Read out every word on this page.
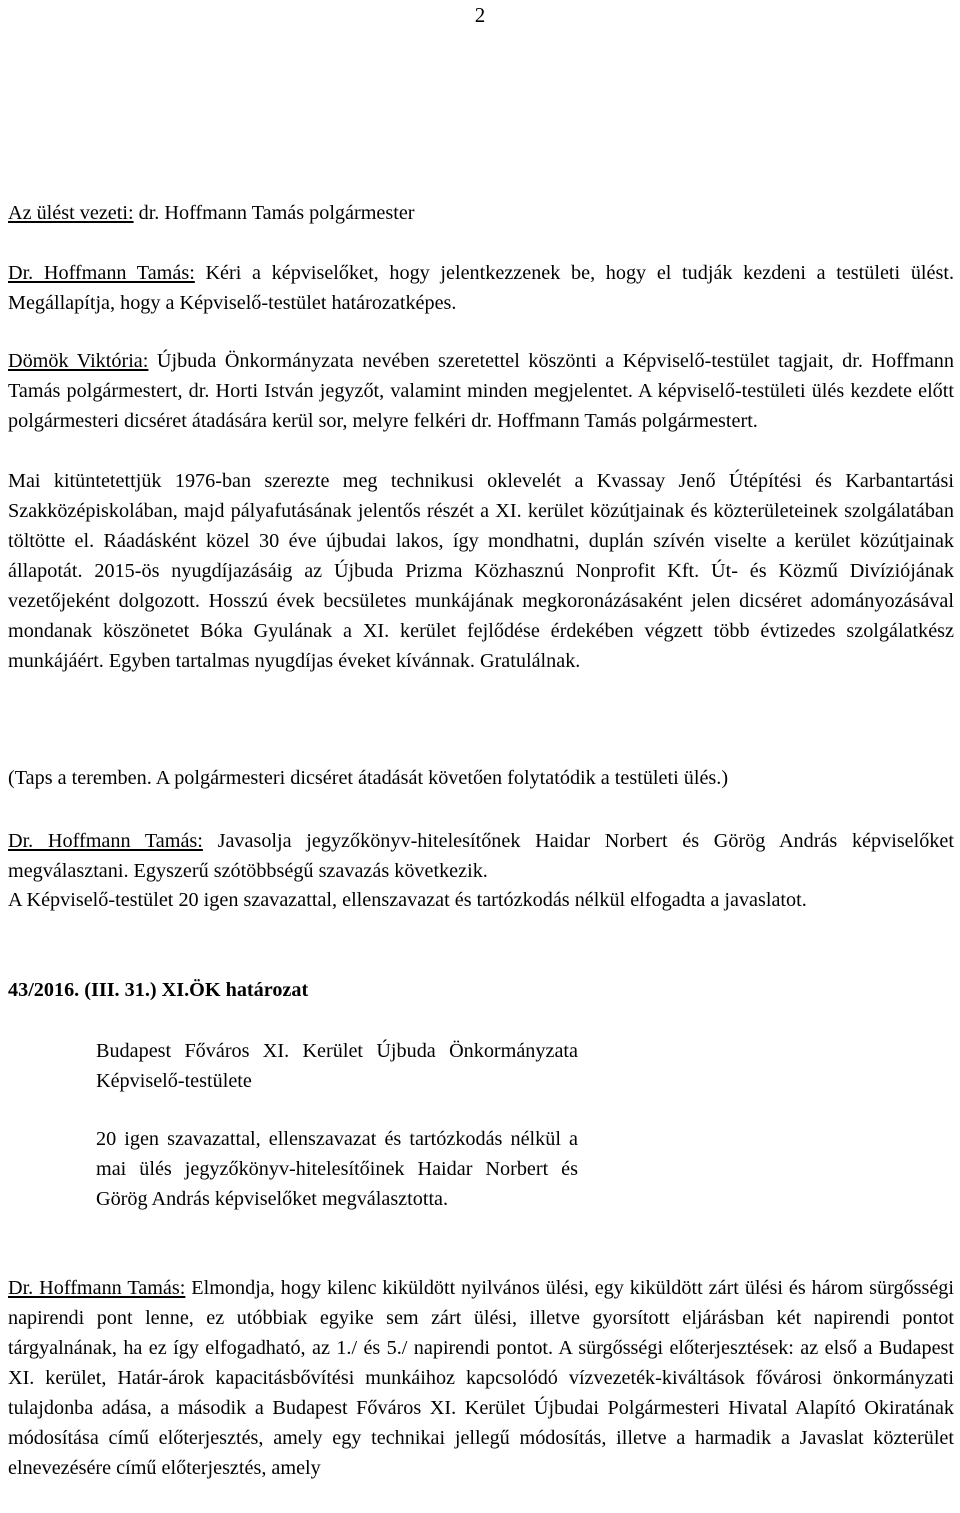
2

Az ülést vezeti: dr. Hoffmann Tamás polgármester

Dr. Hoffmann Tamás: Kéri a képviselőket, hogy jelentkezzenek be, hogy el tudják kezdeni a testületi ülést. Megállapítja, hogy a Képviselő-testület határozatképes.

Dömök Viktória: Újbuda Önkormányzata nevében szeretettel köszönti a Képviselő-testület tagjait, dr. Hoffmann Tamás polgármestert, dr. Horti István jegyzőt, valamint minden megjelentet. A képviselő-testületi ülés kezdete előtt polgármesteri dicséret átadására kerül sor, melyre felkéri dr. Hoffmann Tamás polgármestert.

Mai kitüntetettjük 1976-ban szerezte meg technikusi oklevelét a Kvassay Jenő Útépítési és Karbantartási Szakközépiskolában, majd pályafutásának jelentős részét a XI. kerület közútjainak és közterületeinek szolgálatában töltötte el. Ráadásként közel 30 éve újbudai lakos, így mondhatni, duplán szívén viselte a kerület közútjainak állapotát. 2015-ös nyugdíjazásáig az Újbuda Prizma Közhasznú Nonprofit Kft. Út- és Közmű Divíziójának vezetőjeként dolgozott. Hosszú évek becsületes munkájának megkoronázásaként jelen dicséret adományozásával mondanak köszönetet Bóka Gyulának a XI. kerület fejlődése érdekében végzett több évtizedes szolgálatkész munkájáért. Egyben tartalmas nyugdíjas éveket kívánnak. Gratulálnak.

(Taps a teremben. A polgármesteri dicséret átadását követően folytatódik a testületi ülés.)

Dr. Hoffmann Tamás: Javasolja jegyzőkönyv-hitelesítőnek Haidar Norbert és Görög András képviselőket megválasztani. Egyszerű szótöbbségű szavazás következik.

A Képviselő-testület 20 igen szavazattal, ellenszavazat és tartózkodás nélkül elfogadta a javaslatot.

43/2016. (III. 31.) XI.ÖK határozat

Budapest Főváros XI. Kerület Újbuda Önkormányzata Képviselő-testülete

20 igen szavazattal, ellenszavazat és tartózkodás nélkül a mai ülés jegyzőkönyv-hitelesítőinek Haidar Norbert és Görög András képviselőket megválasztotta.

Dr. Hoffmann Tamás: Elmondja, hogy kilenc kiküldött nyilvános ülési, egy kiküldött zárt ülési és három sürgősségi napirendi pont lenne, ez utóbbiak egyike sem zárt ülési, illetve gyorsított eljárásban két napirendi pontot tárgyalnának, ha ez így elfogadható, az 1./ és 5./ napirendi pontot. A sürgősségi előterjesztések: az első a Budapest XI. kerület, Határ-árok kapacitásbővítési munkáihoz kapcsolódó vízvezeték-kiváltások fővárosi önkormányzati tulajdonba adása, a második a Budapest Főváros XI. Kerület Újbudai Polgármesteri Hivatal Alapító Okiratának módosítása című előterjesztés, amely egy technikai jellegű módosítás, illetve a harmadik a Javaslat közterület elnevezésére című előterjesztés, amely
